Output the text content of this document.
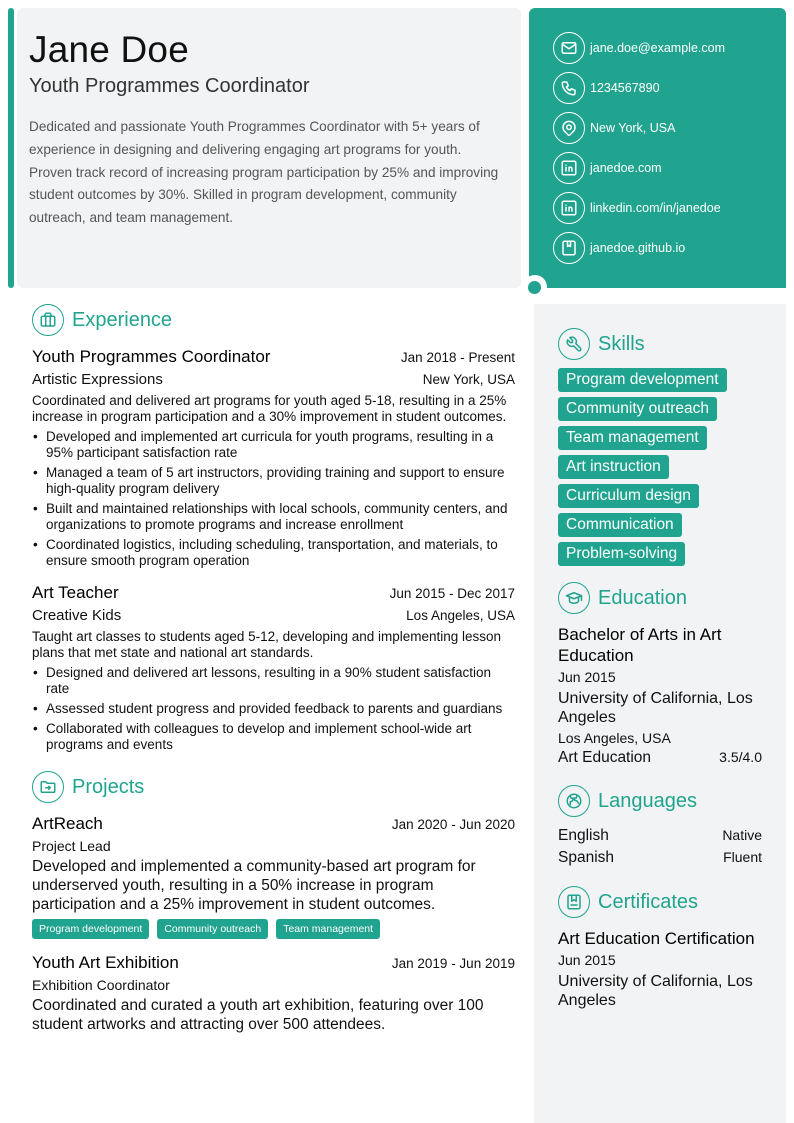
Jane Doe
Youth Programmes Coordinator

Dedicated and passionate Youth Programmes Coordinator with 5+ years of experience in designing and delivering engaging art programs for youth. Proven track record of increasing program participation by 25% and improving student outcomes by 30%. Skilled in program development, community outreach, and team management.

jane.doe@example.com
1234567890
New York, USA
janedoe.com
linkedin.com/in/janedoe
janedoe.github.io
Experience
Youth Programmes Coordinator	Jan 2018 - Present
Artistic Expressions	New York, USA

Coordinated and delivered art programs for youth aged 5-18, resulting in a 25% increase in program participation and a 30% improvement in student outcomes.

• Developed and implemented art curricula for youth programs, resulting in a 95% participant satisfaction rate
• Managed a team of 5 art instructors, providing training and support to ensure high-quality program delivery
• Built and maintained relationships with local schools, community centers, and organizations to promote programs and increase enrollment
• Coordinated logistics, including scheduling, transportation, and materials, to ensure smooth program operation
Art Teacher	Jun 2015 - Dec 2017
Creative Kids	Los Angeles, USA

Taught art classes to students aged 5-12, developing and implementing lesson plans that met state and national art standards.

• Designed and delivered art lessons, resulting in a 90% student satisfaction rate
• Assessed student progress and provided feedback to parents and guardians
• Collaborated with colleagues to develop and implement school-wide art programs and events
Projects
ArtReach	Jan 2020 - Jun 2020
Project Lead

Developed and implemented a community-based art program for underserved youth, resulting in a 50% increase in program participation and a 25% improvement in student outcomes.

Program development	Community outreach	Team management
Youth Art Exhibition	Jan 2019 - Jun 2019
Exhibition Coordinator

Coordinated and curated a youth art exhibition, featuring over 100 student artworks and attracting over 500 attendees.

Skills
Program development
Community outreach
Team management
Art instruction
Curriculum design
Communication
Problem-solving
Education
Bachelor of Arts in Art Education
Jun 2015
University of California, Los Angeles
Los Angeles, USA
Art Education	3.5/4.0
Languages
English	Native
Spanish	Fluent
Certificates
Art Education Certification
Jun 2015
University of California, Los Angeles
